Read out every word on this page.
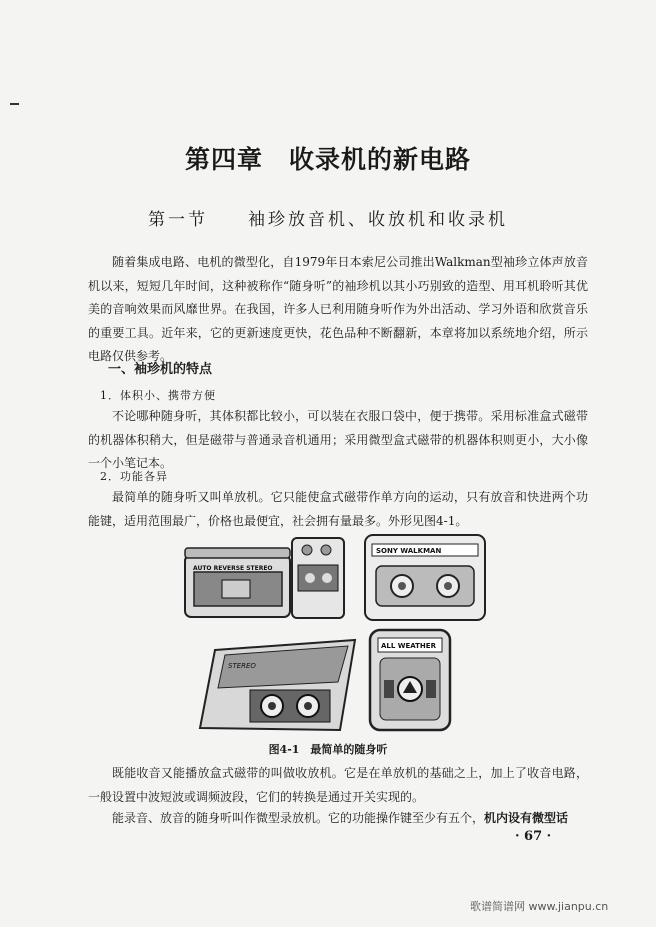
第四章　收录机的新电路
第一节　　袖珍放音机、收放机和收录机
随着集成电路、电机的微型化，自1979年日本索尼公司推出Walkman型袖珍立体声放音机以来，短短几年时间，这种被称作“随身听”的袖珍机以其小巧别致的造型、用耳机聆听其优美的音响效果而风靡世界。在我国，许多人已利用随身听作为外出活动、学习外语和欣赏音乐的重要工具。近年来，它的更新速度更快，花色品种不断翻新，本章将加以系统地介绍，所示电路仅供参考。
一、袖珍机的特点
1．体积小、携带方便
不论哪种随身听，其体积都比较小，可以装在衣服口袋中，便于携带。采用标准盒式磁带的机器体积稍大，但是磁带与普通录音机通用；采用微型盒式磁带的机器体积则更小，大小像一个小笔记本。
2．功能各异
最简单的随身听又叫单放机。它只能使盒式磁带作单方向的运动，只有放音和快进两个功能键，适用范围最广，价格也最便宜，社会拥有量最多。外形见图4-1。
AUTO REVERSE STEREO
SONY WALKMAN
STEREO
ALL WEATHER
图4-1　最简单的随身听
既能收音又能播放盒式磁带的叫做收放机。它是在单放机的基础之上，加上了收音电路，一般设置中波短波或调频波段，它们的转换是通过开关实现的。
能录音、放音的随身听叫作微型录放机。它的功能操作键至少有五个，机内设有微型话
· 67 ·
歌谱简谱网 www.jianpu.cn
